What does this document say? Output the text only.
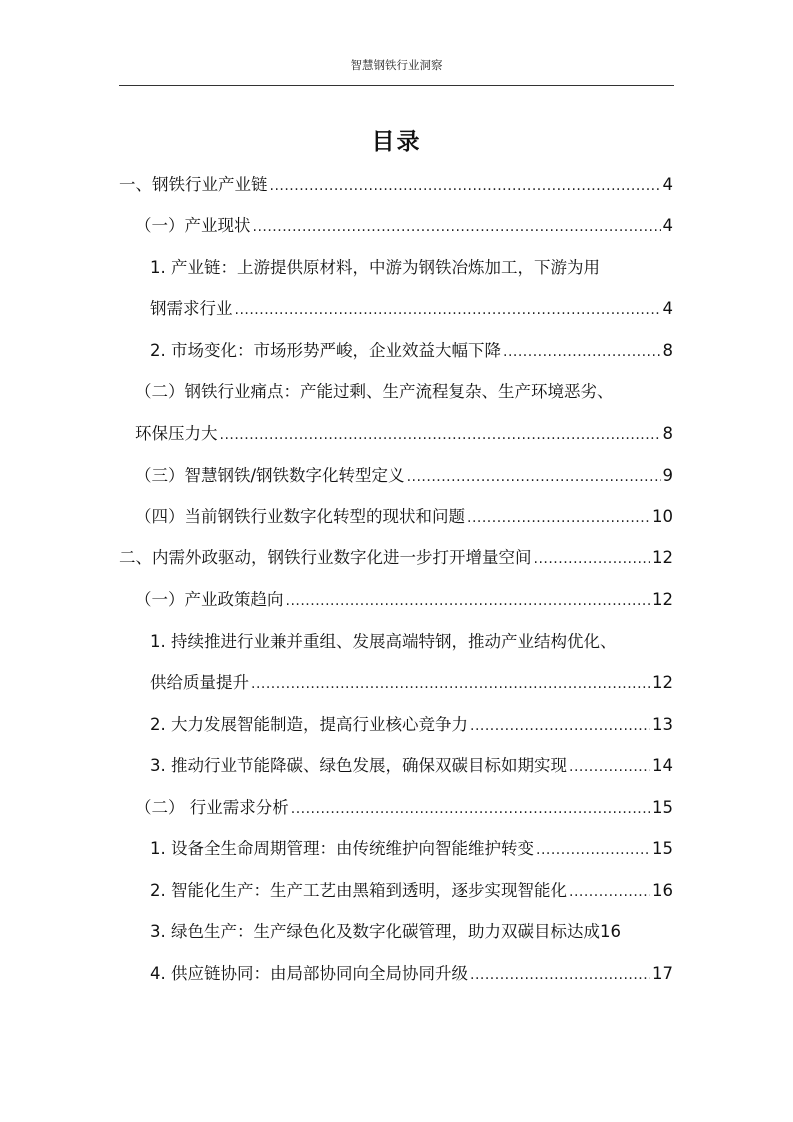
智慧钢铁行业洞察
目录
一、钢铁行业产业链 .....	4
（一）产业现状 .....	4
1. 产业链：上游提供原材料，中游为钢铁冶炼加工，下游为用
钢需求行业 .....	4
2. 市场变化：市场形势严峻，企业效益大幅下降 .....	8
（二）钢铁行业痛点：产能过剩、生产流程复杂、生产环境恶劣、
环保压力大 .....	8
（三）智慧钢铁/钢铁数字化转型定义 .....	9
（四）当前钢铁行业数字化转型的现状和问题 .....	10
二、内需外政驱动，钢铁行业数字化进一步打开增量空间 .....	12
（一）产业政策趋向 .....	12
1. 持续推进行业兼并重组、发展高端特钢，推动产业结构优化、
供给质量提升 .....	12
2. 大力发展智能制造，提高行业核心竞争力 .....	13
3. 推动行业节能降碳、绿色发展，确保双碳目标如期实现 .....	14
（二） 行业需求分析 .....	15
1. 设备全生命周期管理：由传统维护向智能维护转变 .....	15
2. 智能化生产：生产工艺由黑箱到透明，逐步实现智能化 .....	16
3. 绿色生产：生产绿色化及数字化碳管理，助力双碳目标达成 16
4. 供应链协同：由局部协同向全局协同升级 .....	17
